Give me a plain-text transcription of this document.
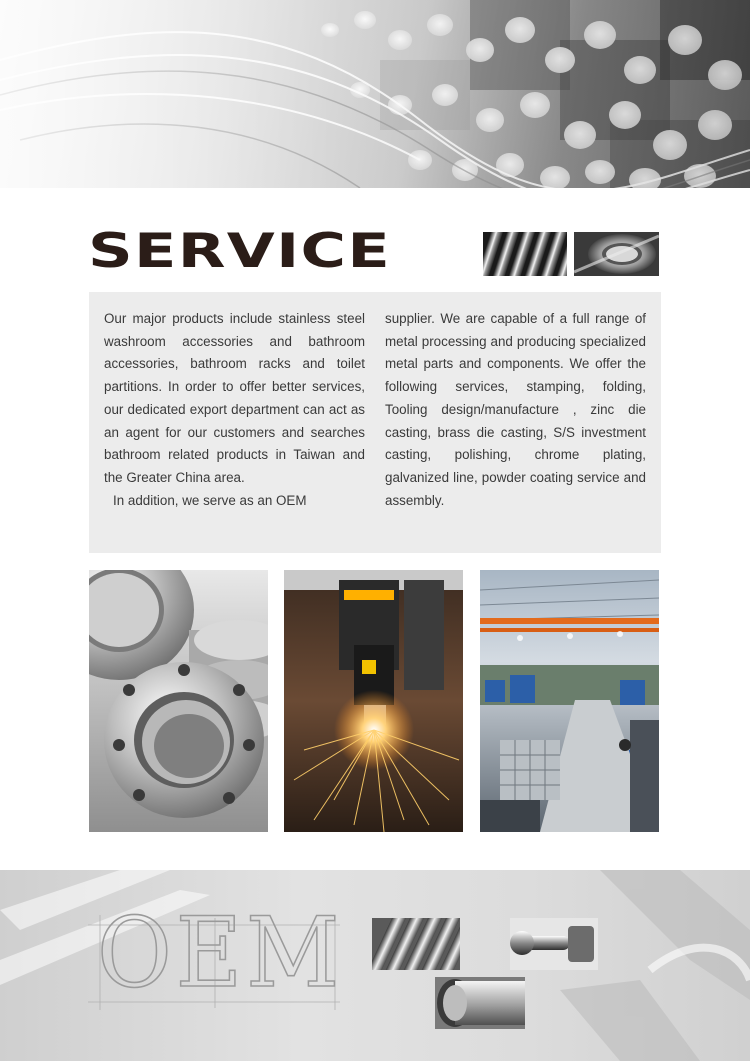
SERVICE

Our major products include stainless steel washroom accessories and bathroom accessories, bathroom racks and toilet partitions. In order to offer better services, our dedicated export department can act as an agent for our customers and searches bathroom related products in Taiwan and the Greater China area.

In addition, we serve as an OEM

supplier. We are capable of a full range of metal processing and producing specialized metal parts and components. We offer the following services, stamping, folding, Tooling design/manufacture , zinc die casting, brass die casting, S/S investment casting, polishing, chrome plating, galvanized line, powder coating service and assembly.

OEM
